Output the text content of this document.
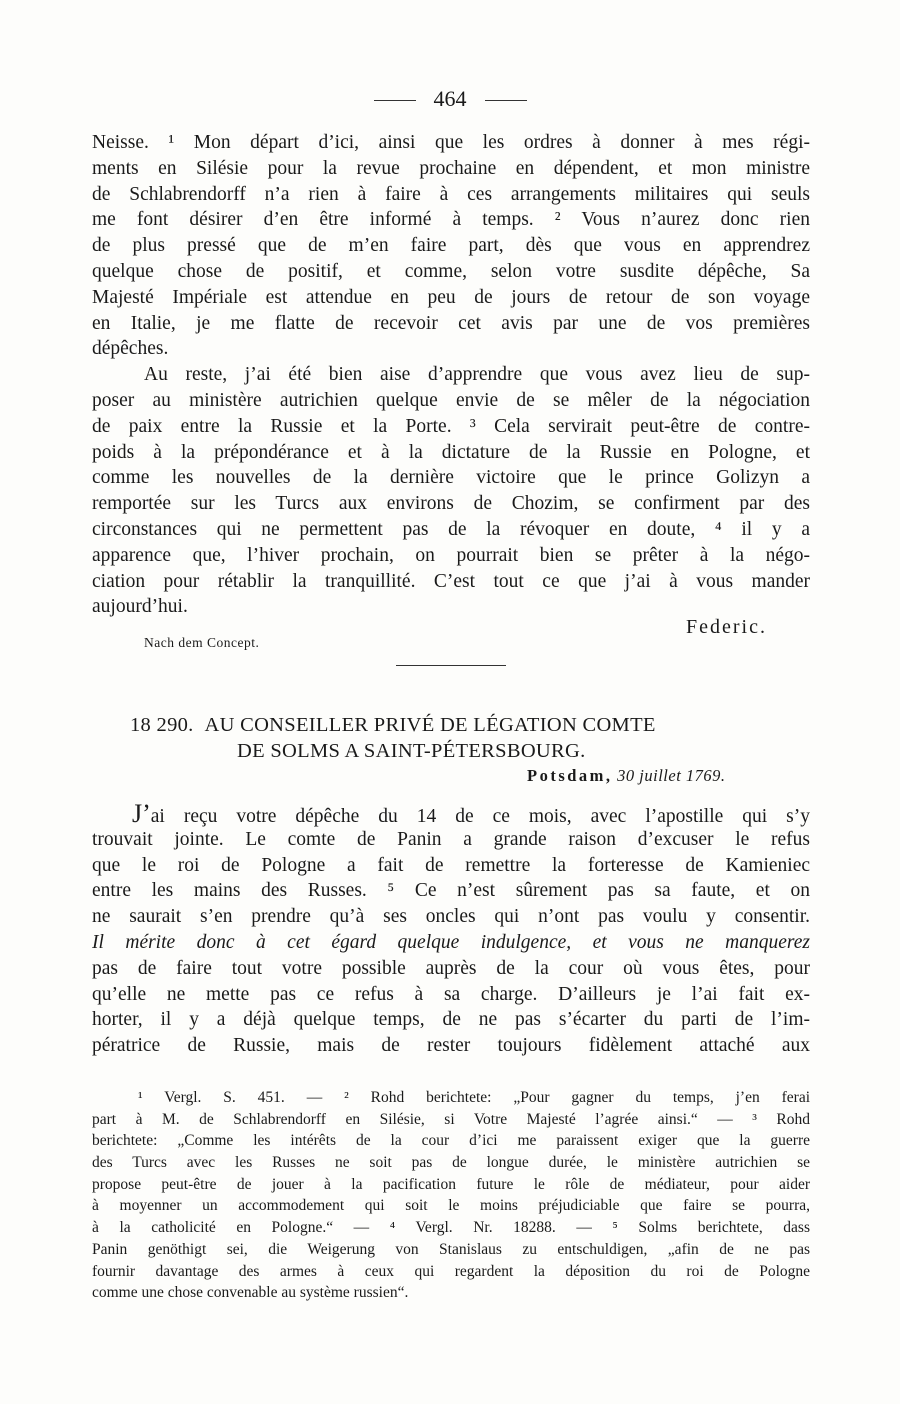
464
Neisse. ¹ Mon départ d’ici, ainsi que les ordres à donner à mes régi-
ments en Silésie pour la revue prochaine en dépendent, et mon ministre
de Schlabrendorff n’a rien à faire à ces arrangements militaires qui seuls
me font désirer d’en être informé à temps. ² Vous n’aurez donc rien
de plus pressé que de m’en faire part, dès que vous en apprendrez
quelque chose de positif, et comme, selon votre susdite dépêche, Sa
Majesté Impériale est attendue en peu de jours de retour de son voyage
en Italie, je me flatte de recevoir cet avis par une de vos premières
dépêches.
Au reste, j’ai été bien aise d’apprendre que vous avez lieu de sup-
poser au ministère autrichien quelque envie de se mêler de la négociation
de paix entre la Russie et la Porte. ³ Cela servirait peut-être de contre-
poids à la prépondérance et à la dictature de la Russie en Pologne, et
comme les nouvelles de la dernière victoire que le prince Golizyn a
remportée sur les Turcs aux environs de Chozim, se confirment par des
circonstances qui ne permettent pas de la révoquer en doute, ⁴ il y a
apparence que, l’hiver prochain, on pourrait bien se prêter à la négo-
ciation pour rétablir la tranquillité. C’est tout ce que j’ai à vous mander
aujourd’hui.
Federic.
Nach dem Concept.
18 290. AU CONSEILLER PRIVÉ DE LÉGATION COMTE
DE SOLMS A SAINT-PÉTERSBOURG.
Potsdam, 30 juillet 1769.
J’ai reçu votre dépêche du 14 de ce mois, avec l’apostille qui s’y
trouvait jointe. Le comte de Panin a grande raison d’excuser le refus
que le roi de Pologne a fait de remettre la forteresse de Kamieniec
entre les mains des Russes. ⁵ Ce n’est sûrement pas sa faute, et on
ne saurait s’en prendre qu’à ses oncles qui n’ont pas voulu y consentir.
Il mérite donc à cet égard quelque indulgence, et vous ne manquerez
pas de faire tout votre possible auprès de la cour où vous êtes, pour
qu’elle ne mette pas ce refus à sa charge. D’ailleurs je l’ai fait ex-
horter, il y a déjà quelque temps, de ne pas s’écarter du parti de l’im-
pératrice de Russie, mais de rester toujours fidèlement attaché aux
¹ Vergl. S. 451. — ² Rohd berichtete: „Pour gagner du temps, j’en ferai
part à M. de Schlabrendorff en Silésie, si Votre Majesté l’agrée ainsi.“ — ³ Rohd
berichtete: „Comme les intérêts de la cour d’ici me paraissent exiger que la guerre
des Turcs avec les Russes ne soit pas de longue durée, le ministère autrichien se
propose peut-être de jouer à la pacification future le rôle de médiateur, pour aider
à moyenner un accommodement qui soit le moins préjudiciable que faire se pourra,
à la catholicité en Pologne.“ — ⁴ Vergl. Nr. 18288. — ⁵ Solms berichtete, dass
Panin genöthigt sei, die Weigerung von Stanislaus zu entschuldigen, „afin de ne pas
fournir davantage des armes à ceux qui regardent la déposition du roi de Pologne
comme une chose convenable au système russien“.
